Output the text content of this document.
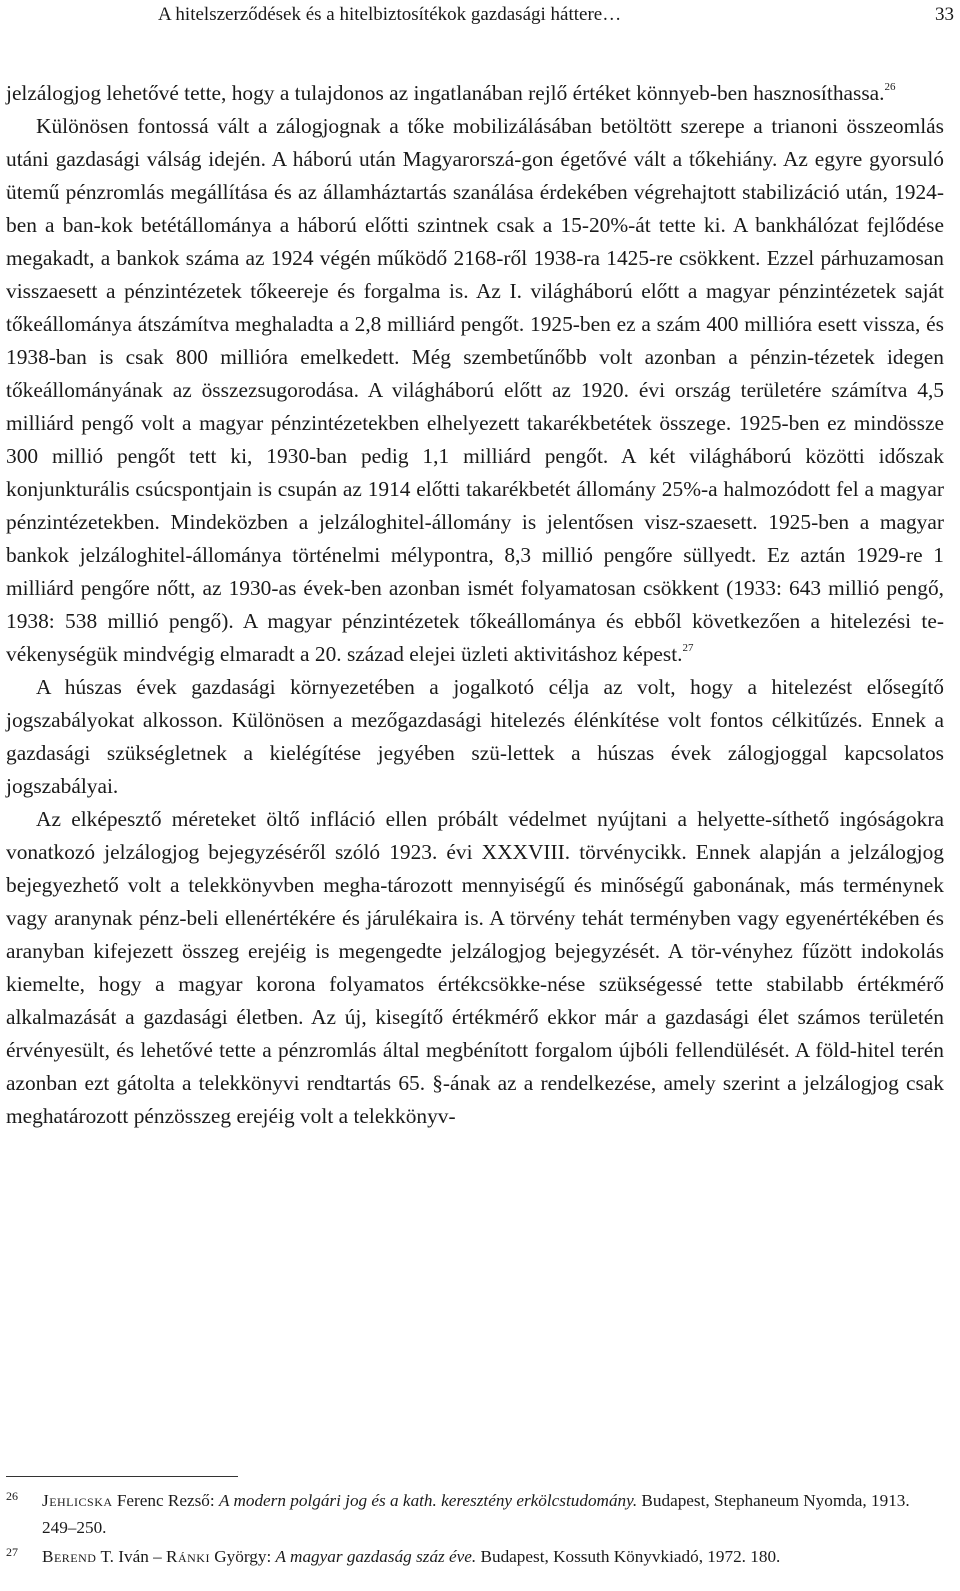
A hitelszerződések és a hitelbiztosítékok gazdasági háttere…	33

jelzálogjog lehetővé tette, hogy a tulajdonos az ingatlanában rejlő értéket könnyeb-ben hasznosíthassa.$^{26}$

Különösen fontossá vált a zálogjognak a tőke mobilizálásában betöltött szerepe a trianoni összeomlás utáni gazdasági válság idején. A háború után Magyarorszá-gon égetővé vált a tőkehiány. Az egyre gyorsuló ütemű pénzromlás megállítása és az államháztartás szanálása érdekében végrehajtott stabilizáció után, 1924-ben a ban-kok betétállománya a háború előtti szintnek csak a 15-20%-át tette ki. A bankhálózat fejlődése megakadt, a bankok száma az 1924 végén működő 2168-ről 1938-ra 1425-re csökkent. Ezzel párhuzamosan visszaesett a pénzintézetek tőkeereje és forgalma is. Az I. világháború előtt a magyar pénzintézetek saját tőkeállománya átszámítva meghaladta a 2,8 milliárd pengőt. 1925-ben ez a szám 400 millióra esett vissza, és 1938-ban is csak 800 millióra emelkedett. Még szembetűnőbb volt azonban a pénzin-tézetek idegen tőkeállományának az összezsugorodása. A világháború előtt az 1920. évi ország területére számítva 4,5 milliárd pengő volt a magyar pénzintézetekben elhelyezett takarékbetétek összege. 1925-ben ez mindössze 300 millió pengőt tett ki, 1930-ban pedig 1,1 milliárd pengőt. A két világháború közötti időszak konjunkturális csúcspontjain is csupán az 1914 előtti takarékbetét állomány 25%-a halmozódott fel a magyar pénzintézetekben. Mindeközben a jelzáloghitel-állomány is jelentősen visz-szaesett. 1925-ben a magyar bankok jelzáloghitel-állománya történelmi mélypontra, 8,3 millió pengőre süllyedt. Ez aztán 1929-re 1 milliárd pengőre nőtt, az 1930-as évek-ben azonban ismét folyamatosan csökkent (1933: 643 millió pengő, 1938: 538 millió pengő). A magyar pénzintézetek tőkeállománya és ebből következően a hitelezési te-vékenységük mindvégig elmaradt a 20. század elejei üzleti aktivitáshoz képest.$^{27}$

A húszas évek gazdasági környezetében a jogalkotó célja az volt, hogy a hitelezést elősegítő jogszabályokat alkosson. Különösen a mezőgazdasági hitelezés élénkítése volt fontos célkitűzés. Ennek a gazdasági szükségletnek a kielégítése jegyében szü-lettek a húszas évek zálogjoggal kapcsolatos jogszabályai.

Az elképesztő méreteket öltő infláció ellen próbált védelmet nyújtani a helyette-síthető ingóságokra vonatkozó jelzálogjog bejegyzéséről szóló 1923. évi XXXVIII. törvénycikk. Ennek alapján a jelzálogjog bejegyezhető volt a telekkönyvben megha-tározott mennyiségű és minőségű gabonának, más terménynek vagy aranynak pénz-beli ellenértékére és járulékaira is. A törvény tehát terményben vagy egyenértékében és aranyban kifejezett összeg erejéig is megengedte jelzálogjog bejegyzését. A tör-vényhez fűzött indokolás kiemelte, hogy a magyar korona folyamatos értékcsökke-nése szükségessé tette stabilabb értékmérő alkalmazását a gazdasági életben. Az új, kisegítő értékmérő ekkor már a gazdasági élet számos területén érvényesült, és lehetővé tette a pénzromlás által megbénított forgalom újbóli fellendülését. A föld-hitel terén azonban ezt gátolta a telekkönyvi rendtartás 65. §-ának az a rendelkezése, amely szerint a jelzálogjog csak meghatározott pénzösszeg erejéig volt a telekkönyv-

26 Jehlicska Ferenc Rezső: A modern polgári jog és a kath. keresztény erkölcstudomány. Budapest, Stephaneum Nyomda, 1913. 249–250.
27 Berend T. Iván – Ránki György: A magyar gazdaság száz éve. Budapest, Kossuth Könyvkiadó, 1972. 180.
